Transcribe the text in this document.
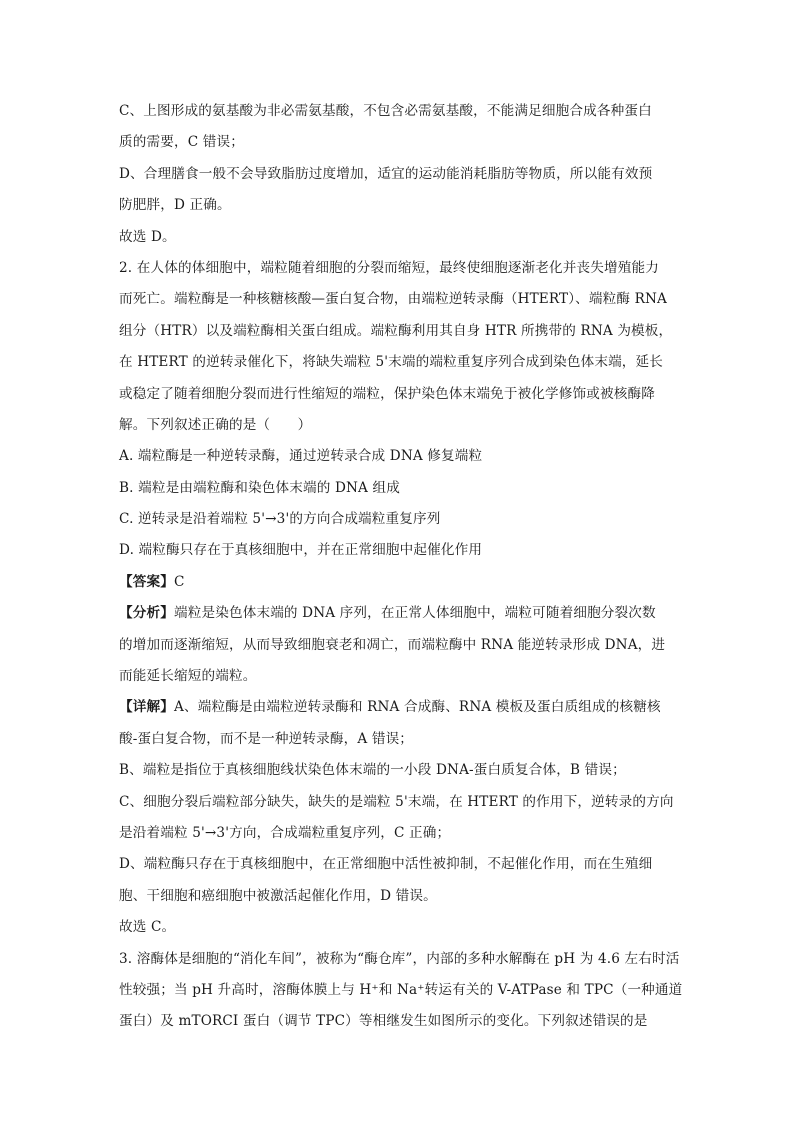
C、上图形成的氨基酸为非必需氨基酸，不包含必需氨基酸，不能满足细胞合成各种蛋白
质的需要，C 错误；
D、合理膳食一般不会导致脂肪过度增加，适宜的运动能消耗脂肪等物质，所以能有效预
防肥胖，D 正确。
故选 D。
2. 在人体的体细胞中，端粒随着细胞的分裂而缩短，最终使细胞逐渐老化并丧失增殖能力
而死亡。端粒酶是一种核糖核酸—蛋白复合物，由端粒逆转录酶（HTERT）、端粒酶 RNA
组分（HTR）以及端粒酶相关蛋白组成。端粒酶利用其自身 HTR 所携带的 RNA 为模板，
在 HTERT 的逆转录催化下，将缺失端粒 5'末端的端粒重复序列合成到染色体末端，延长
或稳定了随着细胞分裂而进行性缩短的端粒，保护染色体末端免于被化学修饰或被核酶降
解。下列叙述正确的是（　　）
A. 端粒酶是一种逆转录酶，通过逆转录合成 DNA 修复端粒
B. 端粒是由端粒酶和染色体末端的 DNA 组成
C. 逆转录是沿着端粒 5'→3'的方向合成端粒重复序列
D. 端粒酶只存在于真核细胞中，并在正常细胞中起催化作用
【答案】C
【分析】端粒是染色体末端的 DNA 序列，在正常人体细胞中，端粒可随着细胞分裂次数
的增加而逐渐缩短，从而导致细胞衰老和凋亡，而端粒酶中 RNA 能逆转录形成 DNA，进
而能延长缩短的端粒。
【详解】A、端粒酶是由端粒逆转录酶和 RNA 合成酶、RNA 模板及蛋白质组成的核糖核
酸-蛋白复合物，而不是一种逆转录酶，A 错误；
B、端粒是指位于真核细胞线状染色体末端的一小段 DNA-蛋白质复合体，B 错误；
C、细胞分裂后端粒部分缺失，缺失的是端粒 5'末端，在 HTERT 的作用下，逆转录的方向
是沿着端粒 5'→3'方向，合成端粒重复序列，C 正确；
D、端粒酶只存在于真核细胞中，在正常细胞中活性被抑制，不起催化作用，而在生殖细
胞、干细胞和癌细胞中被激活起催化作用，D 错误。
故选 C。
3. 溶酶体是细胞的“消化车间”，被称为“酶仓库”，内部的多种水解酶在 pH 为 4.6 左右时活
性较强；当 pH 升高时，溶酶体膜上与 H⁺和 Na⁺转运有关的 V-ATPase 和 TPC（一种通道
蛋白）及 mTORCI 蛋白（调节 TPC）等相继发生如图所示的变化。下列叙述错误的是
